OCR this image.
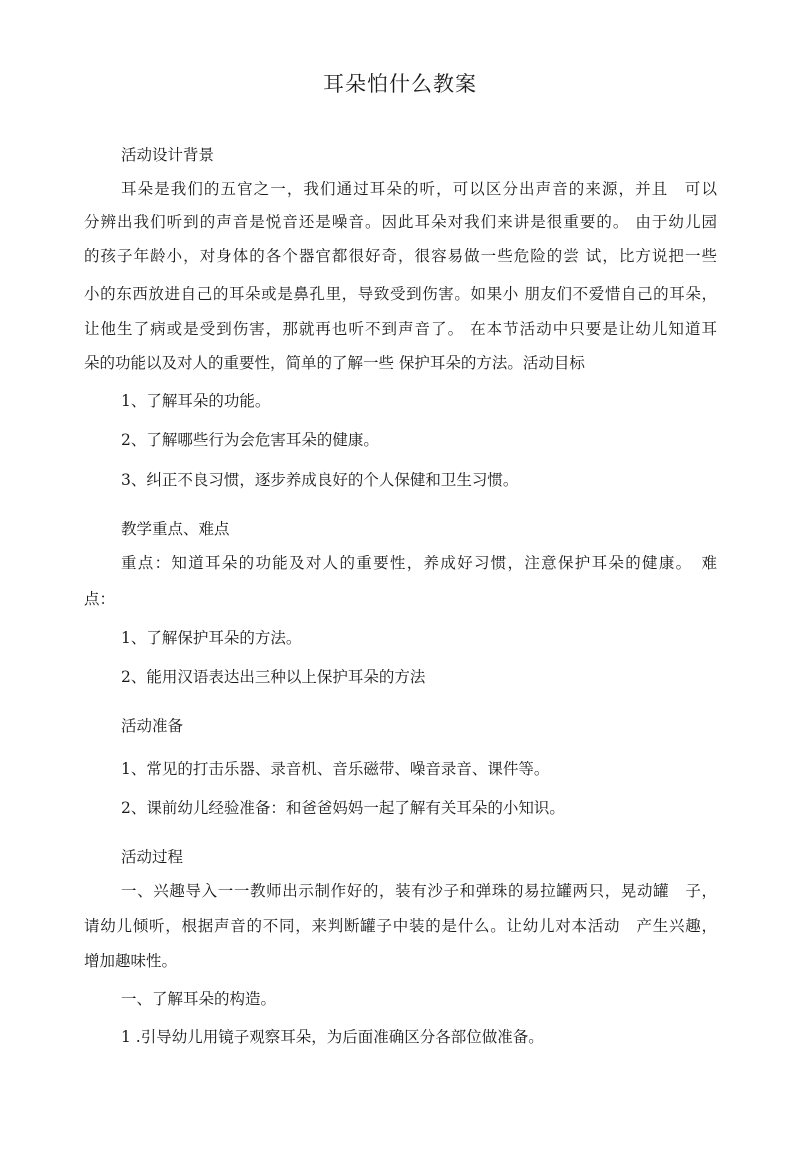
耳朵怕什么教案
活动设计背景
耳朵是我们的五官之一，我们通过耳朵的听，可以区分出声音的来源，并且　可以
分辨出我们听到的声音是悦音还是噪音。因此耳朵对我们来讲是很重要的。 由于幼儿园
的孩子年龄小，对身体的各个器官都很好奇，很容易做一些危险的尝 试，比方说把一些
小的东西放进自己的耳朵或是鼻孔里，导致受到伤害。如果小 朋友们不爱惜自己的耳朵，
让他生了病或是受到伤害，那就再也听不到声音了。 在本节活动中只要是让幼儿知道耳
朵的功能以及对人的重要性，简单的了解一些 保护耳朵的方法。活动目标
1、了解耳朵的功能。
2、了解哪些行为会危害耳朵的健康。
3、纠正不良习惯，逐步养成良好的个人保健和卫生习惯。
教学重点、难点
重点：知道耳朵的功能及对人的重要性，养成好习惯，注意保护耳朵的健康。　难
点：
1、了解保护耳朵的方法。
2、能用汉语表达出三种以上保护耳朵的方法
活动准备
1、常见的打击乐器、录音机、音乐磁带、噪音录音、课件等。
2、课前幼儿经验准备：和爸爸妈妈一起了解有关耳朵的小知识。
活动过程
一、兴趣导入一一教师出示制作好的，装有沙子和弹珠的易拉罐两只，晃动罐　子，
请幼儿倾听，根据声音的不同，来判断罐子中装的是什么。让幼儿对本活动　产生兴趣，
增加趣味性。
一、了解耳朵的构造。
1 .引导幼儿用镜子观察耳朵，为后面准确区分各部位做准备。
